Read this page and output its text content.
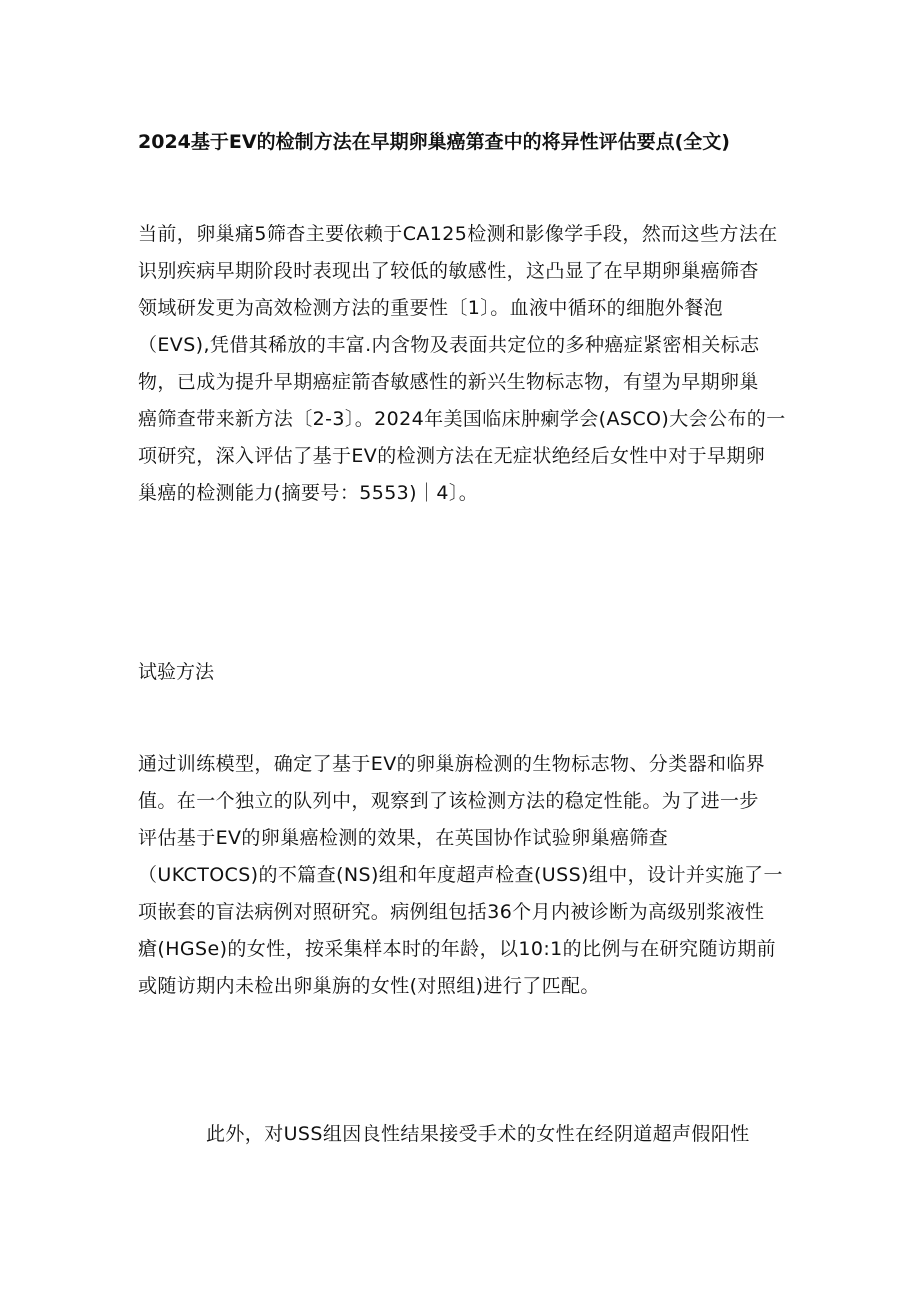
2024基于EV的检制方法在早期卵巢癌第查中的将异性评估要点(全文)
当前，卵巢痛5筛杳主要依赖于CA125检测和影像学手段，然而这些方法在
识别疾病早期阶段时表现出了较低的敏感性，这凸显了在早期卵巢癌筛杳
领域研发更为高效检测方法的重要性〔1〕。血液中循环的细胞外餐泡
（EVS),凭借其稀放的丰富.内含物及表面共定位的多种癌症紧密相关标志
物，已成为提升早期癌症箭杳敏感性的新兴生物标志物，有望为早期卵巢
癌筛查带来新方法〔2-3〕。2024年美国临床肿瘌学会(ASCO)大会公布的一
项研究，深入评估了基于EV的检测方法在无症状绝经后女性中对于早期卵
巢癌的检测能力(摘要号：5553)｜4〕。
试验方法
通过训练模型，确定了基于EV的卵巢旃检测的生物标志物、分类器和临界
值。在一个独立的队列中，观察到了该检测方法的稳定性能。为了进一步
评估基于EV的卵巢癌检测的效果，在英国协作试验卵巢癌筛查
（UKCTOCS)的不篇查(NS)组和年度超声检查(USS)组中，设计并实施了一
项嵌套的盲法病例对照研究。病例组包括36个月内被诊断为高级别浆液性
瘡(HGSe)的女性，按采集样本时的年龄，以10:1的比例与在研究随访期前
或随访期内未检出卵巢旃的女性(对照组)进行了匹配。
此外，对USS组因良性结果接受手术的女性在经阴道超声假阳性
